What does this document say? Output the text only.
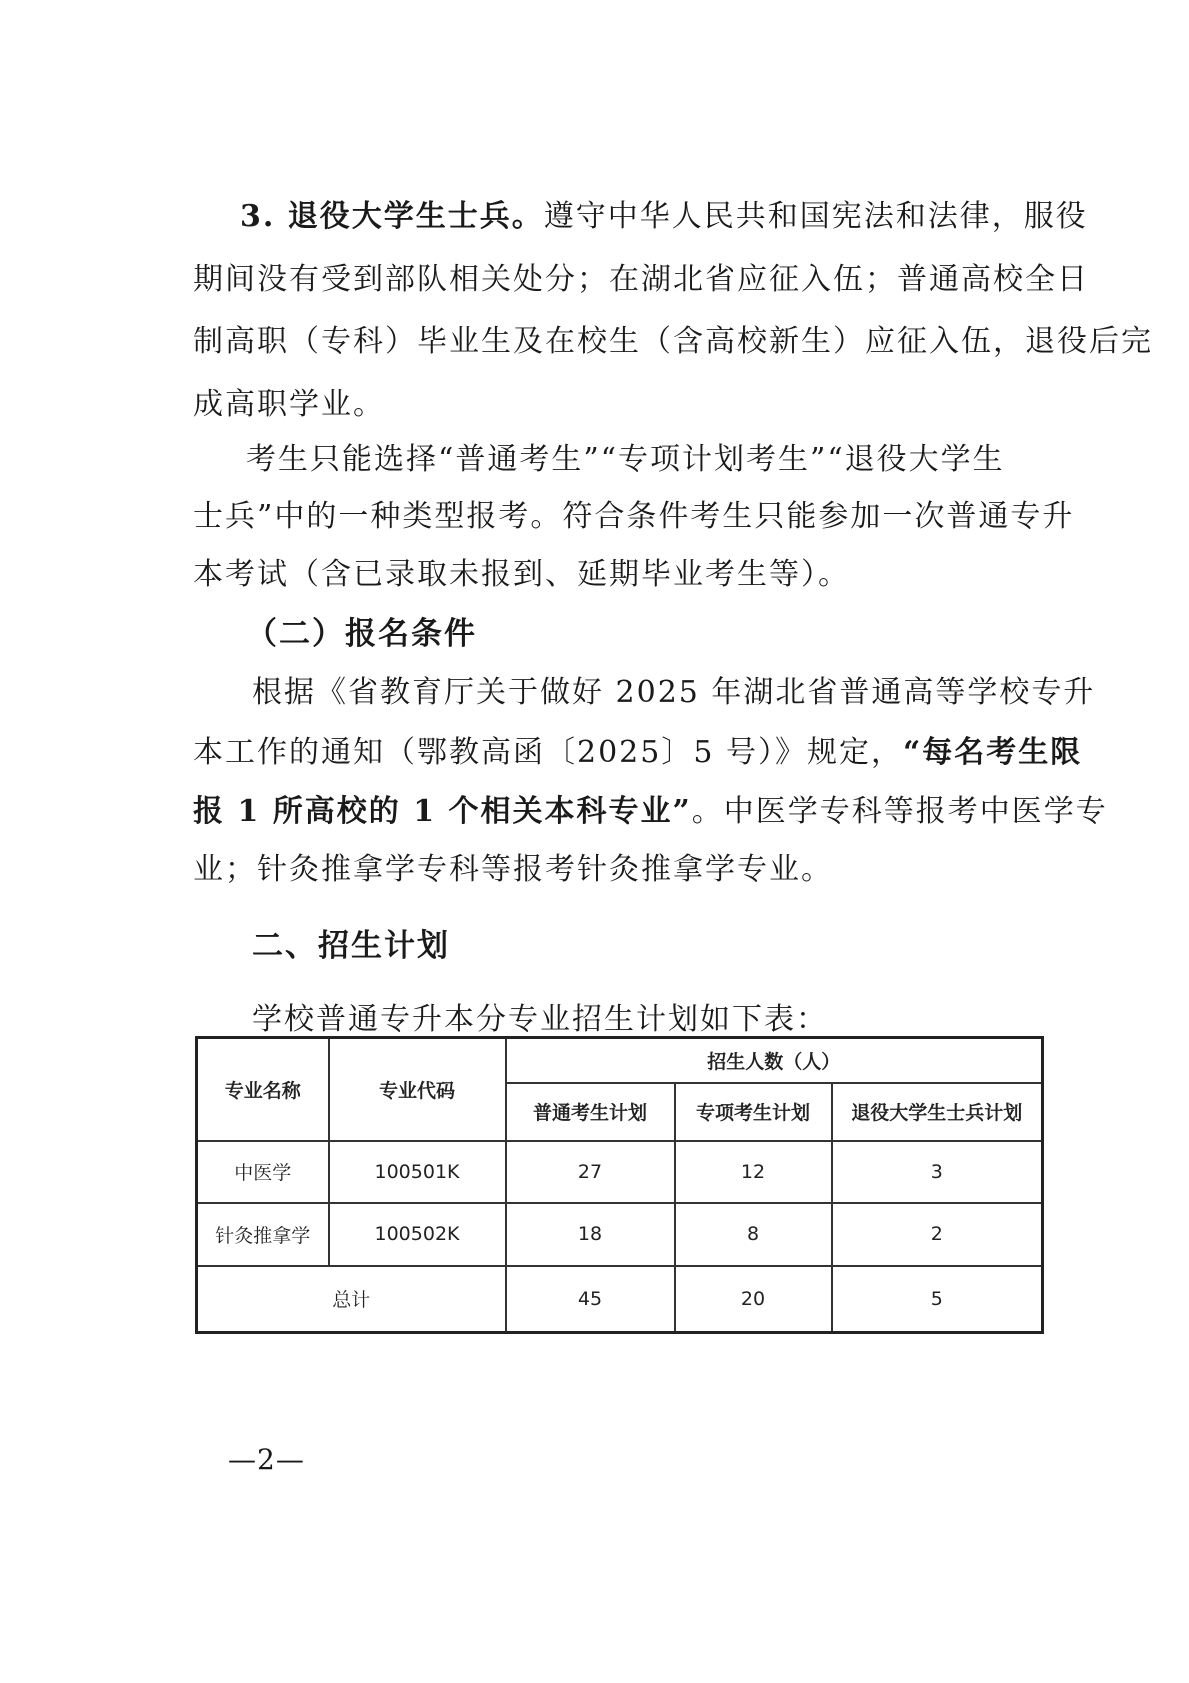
3. 退役大学生士兵。遵守中华人民共和国宪法和法律，服役
期间没有受到部队相关处分；在湖北省应征入伍；普通高校全日
制高职（专科）毕业生及在校生（含高校新生）应征入伍，退役后完
成高职学业。
考生只能选择“普通考生”“专项计划考生”“退役大学生
士兵”中的一种类型报考。符合条件考生只能参加一次普通专升
本考试（含已录取未报到、延期毕业考生等）。
（二）报名条件
根据《省教育厅关于做好 2025 年湖北省普通高等学校专升
本工作的通知（鄂教高函〔2025〕5 号）》规定，“每名考生限
报 1 所高校的 1 个相关本科专业”。中医学专科等报考中医学专
业；针灸推拿学专科等报考针灸推拿学专业。
二、招生计划
学校普通专升本分专业招生计划如下表：
专业名称	专业代码	招生人数（人）		
		普通考生计划	专项考生计划	退役大学生士兵计划
中医学	100501K	27	12	3
针灸推拿学	100502K	18	8	2
总计		45	20	5
—2—
